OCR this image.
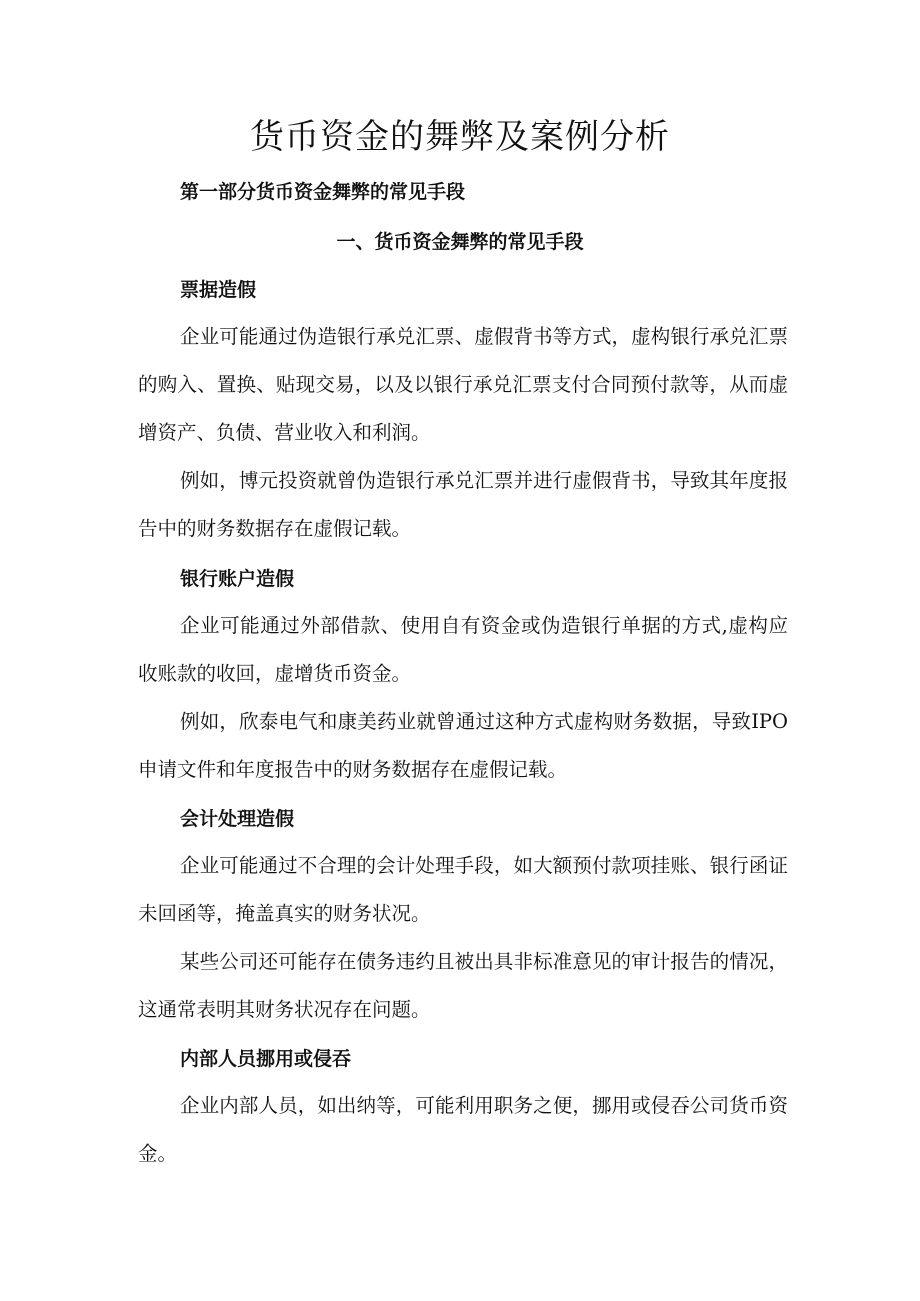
货币资金的舞弊及案例分析
第一部分货币资金舞弊的常见手段
一、货币资金舞弊的常见手段
票据造假

企业可能通过伪造银行承兑汇票、虚假背书等方式，虚构银行承兑汇票的购入、置换、贴现交易，以及以银行承兑汇票支付合同预付款等，从而虚增资产、负债、营业收入和利润。

例如，博元投资就曾伪造银行承兑汇票并进行虚假背书，导致其年度报告中的财务数据存在虚假记载。

银行账户造假

企业可能通过外部借款、使用自有资金或伪造银行单据的方式,虚构应收账款的收回，虚增货币资金。

例如，欣泰电气和康美药业就曾通过这种方式虚构财务数据，导致IPO申请文件和年度报告中的财务数据存在虚假记载。

会计处理造假

企业可能通过不合理的会计处理手段，如大额预付款项挂账、银行函证未回函等，掩盖真实的财务状况。

某些公司还可能存在债务违约且被出具非标准意见的审计报告的情况，这通常表明其财务状况存在问题。

内部人员挪用或侵吞

企业内部人员，如出纳等，可能利用职务之便，挪用或侵吞公司货币资金。
